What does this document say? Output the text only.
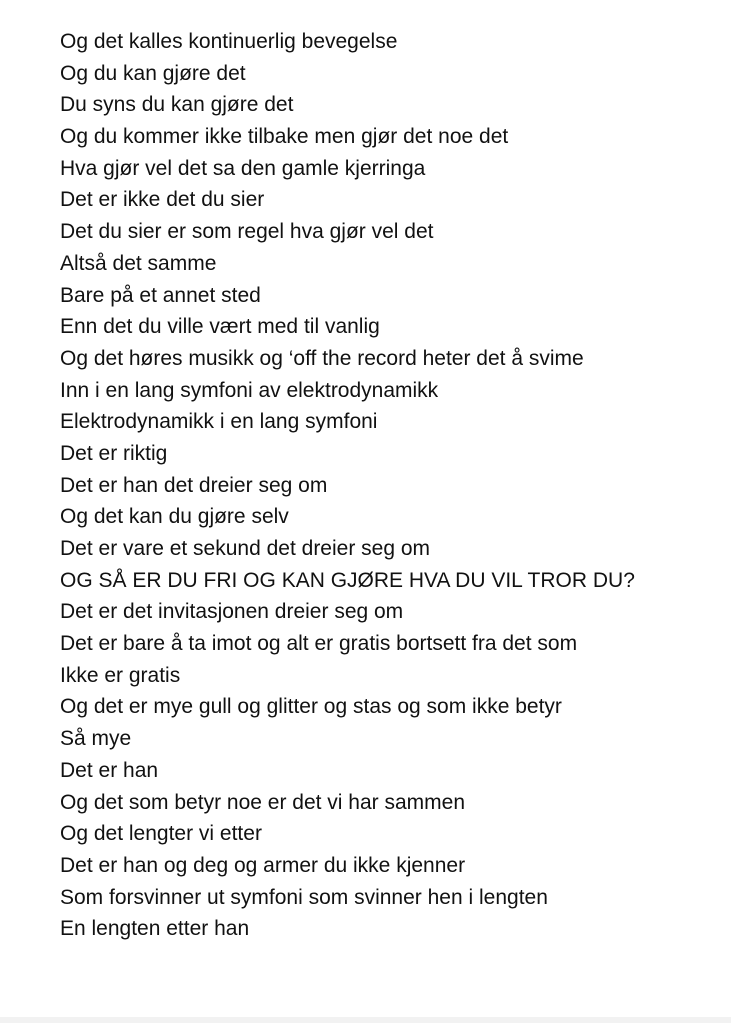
Og det kalles kontinuerlig bevegelse
Og du kan gjøre det
Du syns du kan gjøre det
Og du kommer ikke tilbake men gjør det noe det
Hva gjør vel det sa den gamle kjerringa
Det er ikke det du sier
Det du sier er som regel hva gjør vel det
Altså det samme
Bare på et annet sted
Enn det du ville vært med til vanlig
Og det høres musikk og ‘off the record heter det å svime
Inn i en lang symfoni av elektrodynamikk
Elektrodynamikk i en lang symfoni
Det er riktig
Det er han det dreier seg om
Og det kan du gjøre selv
Det er vare et sekund det dreier seg om
OG SÅ ER DU FRI OG KAN GJØRE HVA DU VIL TROR DU?
Det er det invitasjonen dreier seg om
Det er bare å ta imot og alt er gratis bortsett fra det som
Ikke er gratis
Og det er mye gull og glitter og stas og som ikke betyr
Så mye
Det er han
Og det som betyr noe er det vi har sammen
Og det lengter vi etter
Det er han og deg og armer du ikke kjenner
Som forsvinner ut symfoni som svinner hen i lengten
En lengten etter han
